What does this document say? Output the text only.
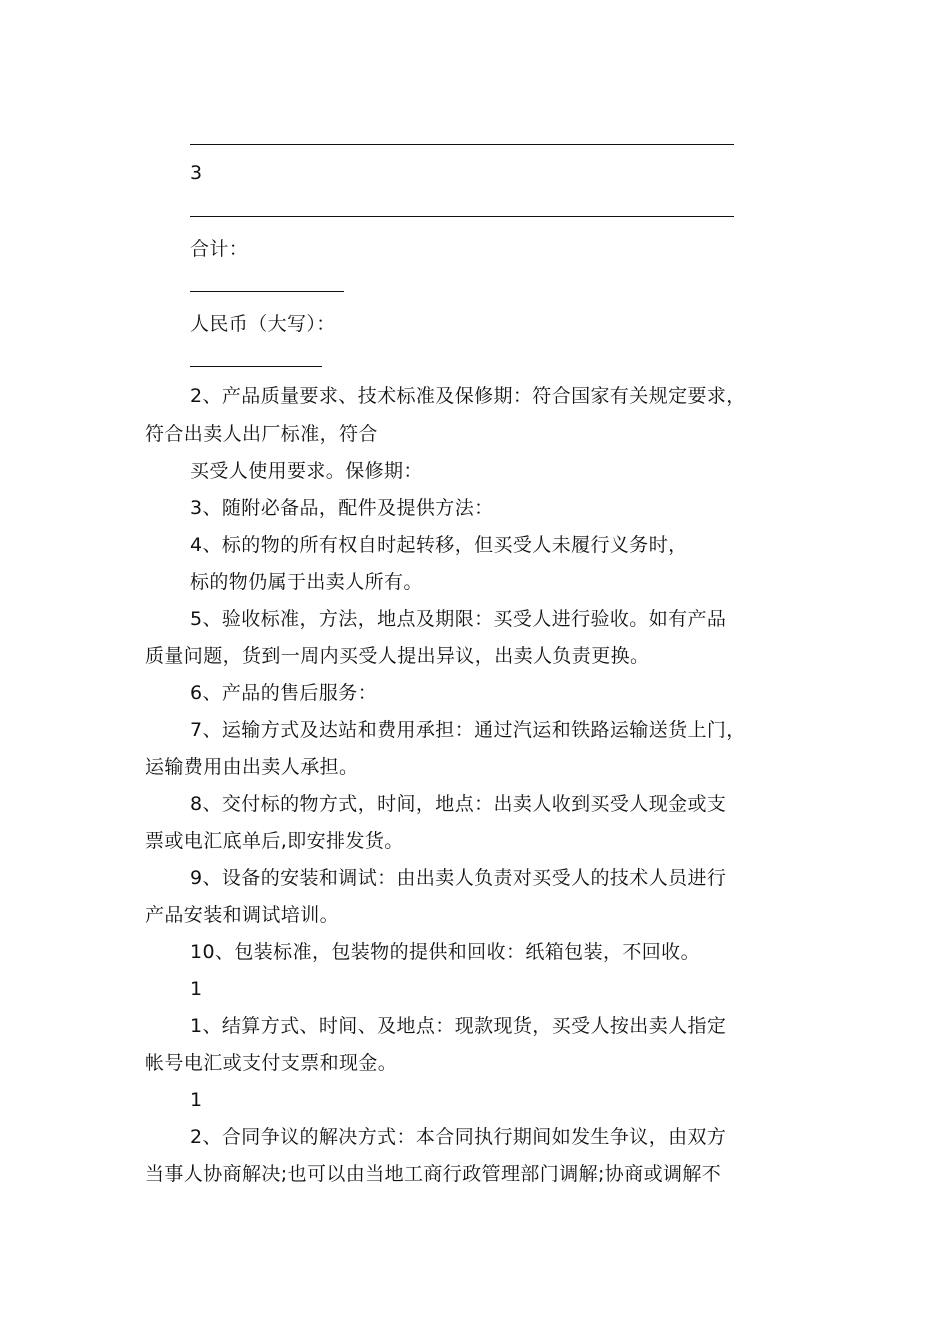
3
合计：
人民币（大写）：
2、产品质量要求、技术标准及保修期：符合国家有关规定要求，
符合出卖人出厂标准，符合
买受人使用要求。保修期：
3、随附必备品，配件及提供方法：
4、标的物的所有权自时起转移，但买受人未履行义务时，
标的物仍属于出卖人所有。
5、验收标准，方法，地点及期限：买受人进行验收。如有产品
质量问题，货到一周内买受人提出异议，出卖人负责更换。
6、产品的售后服务：
7、运输方式及达站和费用承担：通过汽运和铁路运输送货上门，
运输费用由出卖人承担。
8、交付标的物方式，时间，地点：出卖人收到买受人现金或支
票或电汇底单后,即安排发货。
9、设备的安装和调试：由出卖人负责对买受人的技术人员进行
产品安装和调试培训。
10、包装标准，包装物的提供和回收：纸箱包装，不回收。
1
1、结算方式、时间、及地点：现款现货，买受人按出卖人指定
帐号电汇或支付支票和现金。
1
2、合同争议的解决方式：本合同执行期间如发生争议，由双方
当事人协商解决;也可以由当地工商行政管理部门调解;协商或调解不
